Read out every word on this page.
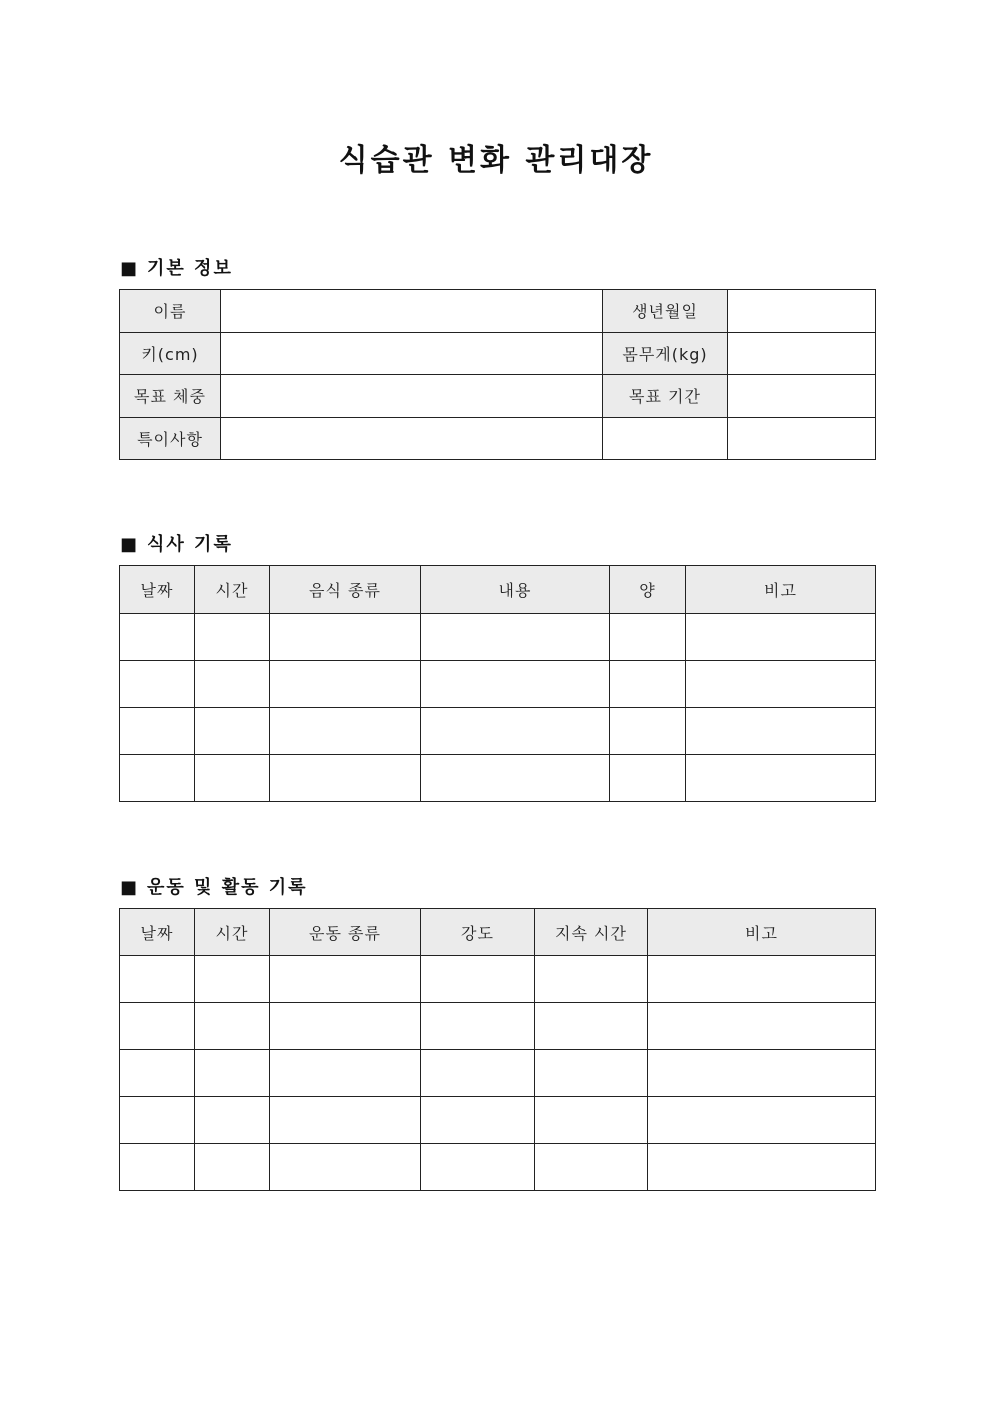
식습관 변화 관리대장
■ 기본 정보
이름		생년월일	
키(cm)		몸무게(kg)	
목표 체중		목표 기간	
특이사항			
■ 식사 기록
날짜	시간	음식 종류	내용	양	비고

■ 운동 및 활동 기록
날짜	시간	운동 종류	강도	지속 시간	비고
